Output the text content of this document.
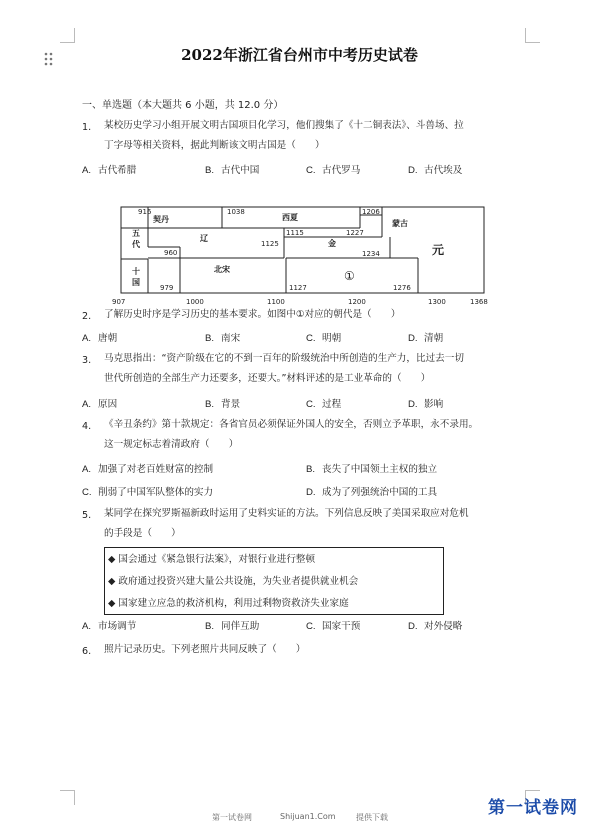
2022年浙江省台州市中考历史试卷
一、单选题（本大题共 6 小题，共 12.0 分）
1. 某校历史学习小组开展文明古国项目化学习，他们搜集了《十二铜表法》、斗兽场、拉
丁字母等相关资料，据此判断该文明古国是（　　）
A. 古代希腊	B. 古代中国	C. 古代罗马	D. 古代埃及
916	1038	1206
1227
1115
1125
960	1234
979	1127	1276
契丹
五
代
辽
西夏
蒙古
金	元
十
国
北宋	①
907	1000	1100	1200	1300	1368
2. 了解历史时序是学习历史的基本要求。如图中①对应的朝代是（　　）
A. 唐朝	B. 南宋	C. 明朝	D. 清朝
3. 马克思指出：“资产阶级在它的不到一百年的阶级统治中所创造的生产力，比过去一切
世代所创造的全部生产力还要多，还要大。”材料评述的是工业革命的（　　）
A. 原因	B. 背景	C. 过程	D. 影响
4. 《辛丑条约》第十款规定：各省官员必须保证外国人的安全，否则立予革职，永不录用。
这一规定标志着清政府（　　）
A. 加强了对老百姓财富的控制	B. 丧失了中国领土主权的独立
C. 削弱了中国军队整体的实力	D. 成为了列强统治中国的工具
5. 某同学在探究罗斯福新政时运用了史料实证的方法。下列信息反映了美国采取应对危机
的手段是（　　）
◆ 国会通过《紧急银行法案》，对银行业进行整顿
◆ 政府通过投资兴建大量公共设施，为失业者提供就业机会
◆ 国家建立应急的救济机构，利用过剩物资救济失业家庭
A. 市场调节	B. 同伴互助	C. 国家干预	D. 对外侵略
6. 照片记录历史。下列老照片共同反映了（　　）
第一试卷网	Shijuan1.Com	提供下载	第一试卷网
